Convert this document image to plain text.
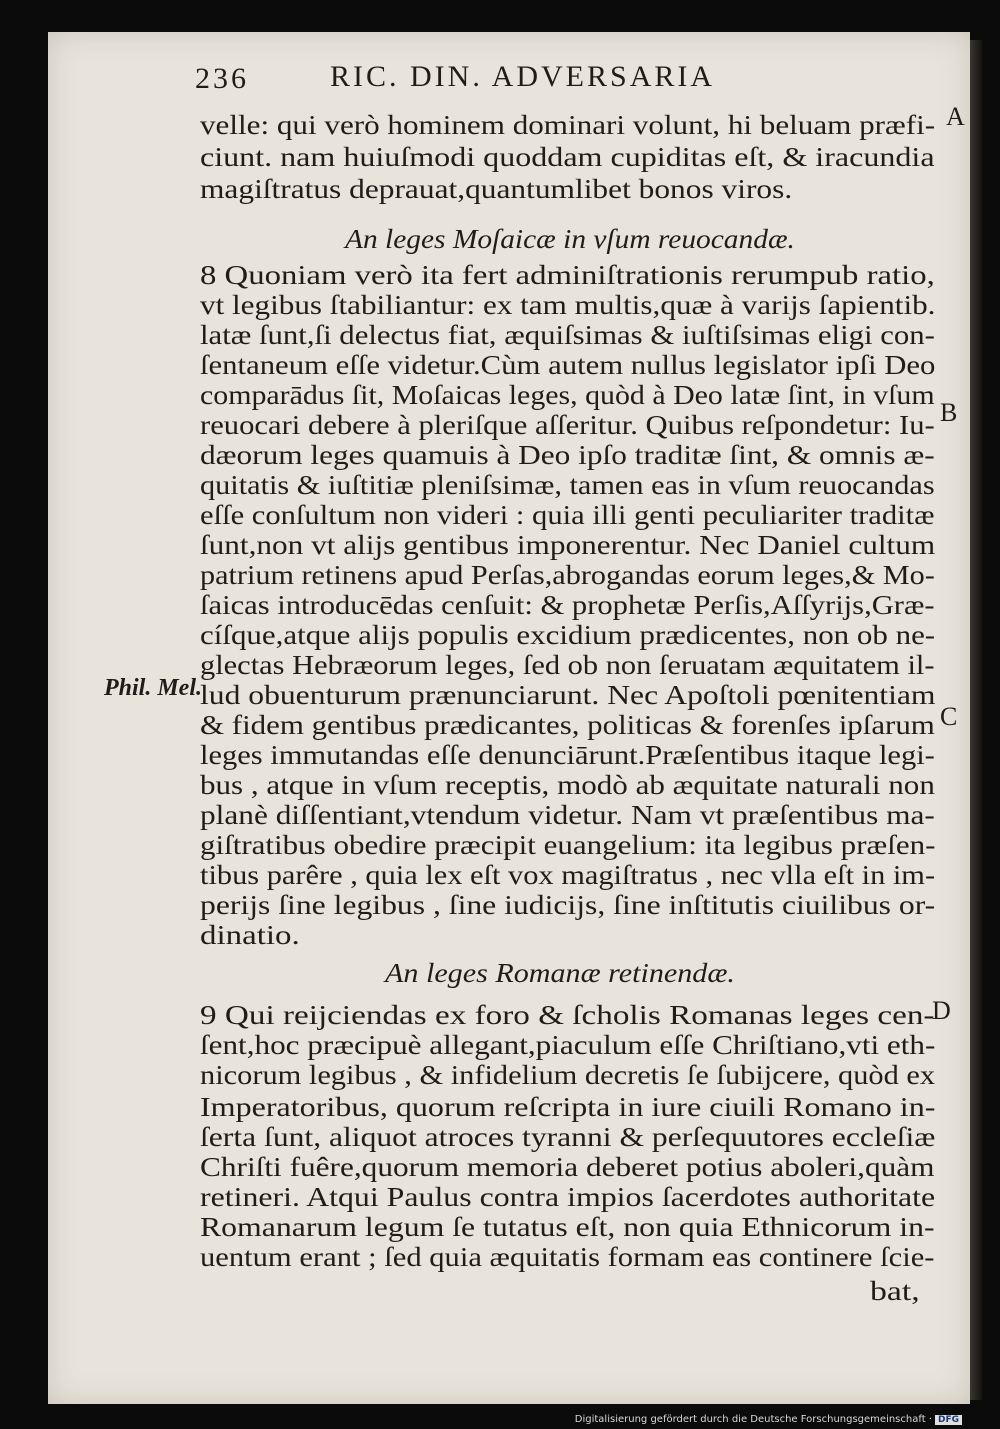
236	RIC. DIN. ADVERSARIA
velle: qui verò hominem dominari volunt, hi beluam præfi-
ciunt. nam huiuſmodi quoddam cupiditas eſt, & iracundia
magiſtratus deprauat,quantumlibet bonos viros.
An leges Moſaicæ in vſum reuocandæ.
8 Quoniam verò ita fert adminiſtrationis rerumpub ratio,
vt legibus ſtabiliantur: ex tam multis,quæ à varijs ſapientib.
latæ ſunt,ſi delectus fiat, æquiſsimas & iuſtiſsimas eligi con-
ſentaneum eſſe videtur.Cùm autem nullus legislator ipſi Deo
comparādus ſit, Moſaicas leges, quòd à Deo latæ ſint, in vſum
reuocari debere à pleriſque aſſeritur. Quibus reſpondetur: Iu-
dæorum leges quamuis à Deo ipſo traditæ ſint, & omnis æ-
quitatis & iuſtitiæ pleniſsimæ, tamen eas in vſum reuocandas
eſſe conſultum non videri : quia illi genti peculiariter traditæ
ſunt,non vt alijs gentibus imponerentur. Nec Daniel cultum
patrium retinens apud Perſas,abrogandas eorum leges,& Mo-
ſaicas introducēdas cenſuit: & prophetæ Perſis,Aſſyrijs,Græ-
cíſque,atque alijs populis excidium prædicentes, non ob ne-
glectas Hebræorum leges, ſed ob non ſeruatam æquitatem il-
lud obuenturum prænunciarunt. Nec Apoſtoli pœnitentiam
& fidem gentibus prædicantes, politicas & forenſes ipſarum
leges immutandas eſſe denunciārunt.Præſentibus itaque legi-
bus , atque in vſum receptis, modò ab æquitate naturali non
planè diſſentiant,vtendum videtur. Nam vt præſentibus ma-
giſtratibus obedire præcipit euangelium: ita legibus præſen-
tibus parêre , quia lex eſt vox magiſtratus , nec vlla eſt in im-
perijs ſine legibus , ſine iudicijs, ſine inſtitutis ciuilibus or-
dinatio.
An leges Romanæ retinendæ.
9 Qui reijciendas ex foro & ſcholis Romanas leges cen-
ſent,hoc præcipuè allegant,piaculum eſſe Chriſtiano,vti eth-
nicorum legibus , & infidelium decretis ſe ſubijcere, quòd ex
Imperatoribus, quorum reſcripta in iure ciuili Romano in-
ſerta ſunt, aliquot atroces tyranni & perſequutores eccleſiæ
Chriſti fuêre,quorum memoria deberet potius aboleri,quàm
retineri. Atqui Paulus contra impios ſacerdotes authoritate
Romanarum legum ſe tutatus eſt, non quia Ethnicorum in-
uentum erant ; ſed quia æquitatis formam eas continere ſcie-
bat,
A
B
C
D
Phil. Mel.
Digitalisierung gefördert durch die Deutsche Forschungsgemeinschaft · DFG
